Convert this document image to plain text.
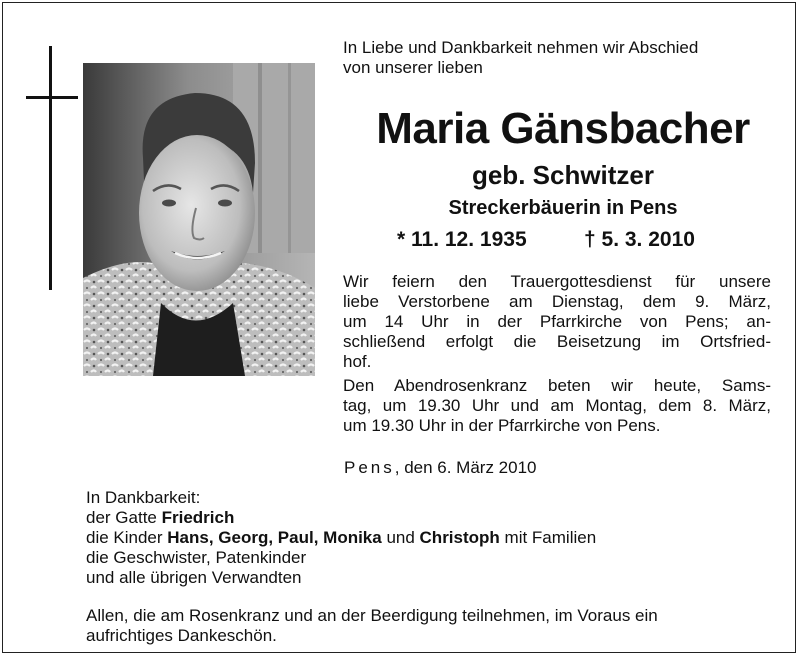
In Liebe und Dankbarkeit nehmen wir Abschied
von unserer lieben
Maria Gänsbacher
geb. Schwitzer
Streckerbäuerin in Pens
* 11. 12. 1935	† 5. 3. 2010
Wir feiern den Trauergottesdienst für unsere
liebe Verstorbene am Dienstag, dem 9. März,
um 14 Uhr in der Pfarrkirche von Pens; an-
schließend erfolgt die Beisetzung im Ortsfried-
hof.
Den Abendrosenkranz beten wir heute, Sams-
tag, um 19.30 Uhr und am Montag, dem 8. März,
um 19.30 Uhr in der Pfarrkirche von Pens.
Pens, den 6. März 2010
In Dankbarkeit:
der Gatte Friedrich
die Kinder Hans, Georg, Paul, Monika und Christoph mit Familien
die Geschwister, Patenkinder
und alle übrigen Verwandten
Allen, die am Rosenkranz und an der Beerdigung teilnehmen, im Voraus ein
aufrichtiges Dankeschön.
